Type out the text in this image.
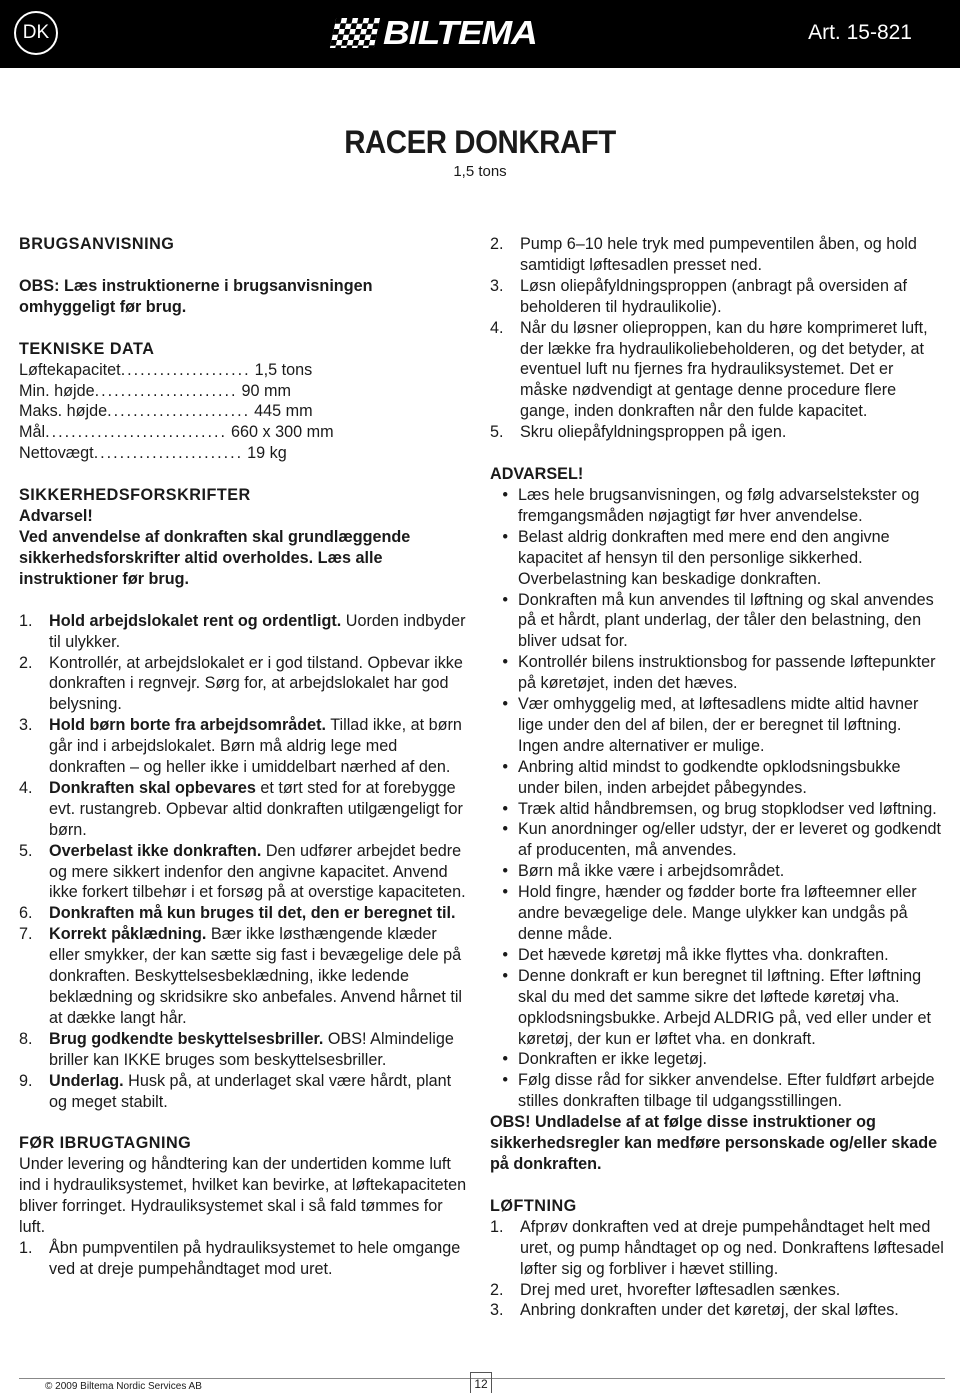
DK	BILTEMA	Art. 15-821
RACER DONKRAFT
1,5 tons

BRUGSANVISNING

OBS: Læs instruktionerne i brugsanvisningen omhyggeligt før brug.

TEKNISKE DATA

Løftekapacitet .................... 1,5 tons
Min. højde ...................... 90 mm
Maks. højde ...................... 445 mm
Mål ............................ 660 x 300 mm
Nettovægt ....................... 19 kg

SIKKERHEDSFORSKRIFTER

Advarsel!

Ved anvendelse af donkraften skal grundlæggende sikkerhedsforskrifter altid overholdes. Læs alle instruktioner før brug.

1.	Hold arbejdslokalet rent og ordentligt. Uorden indbyder til ulykker.
2.	Kontrollér, at arbejdslokalet er i god tilstand. Opbevar ikke donkraften i regnvejr. Sørg for, at arbejdslokalet har god belysning.
3.	Hold børn borte fra arbejdsområdet. Tillad ikke, at børn går ind i arbejdslokalet. Børn må aldrig lege med donkraften – og heller ikke i umiddelbart nærhed af den.
4.	Donkraften skal opbevares et tørt sted for at forebygge evt. rustangreb. Opbevar altid donkraften utilgængeligt for børn.
5.	Overbelast ikke donkraften. Den udfører arbejdet bedre og mere sikkert indenfor den angivne kapacitet. Anvend ikke forkert tilbehør i et forsøg på at overstige kapaciteten.
6.	Donkraften må kun bruges til det, den er beregnet til.
7.	Korrekt påklædning. Bær ikke løsthængende klæder eller smykker, der kan sætte sig fast i bevægelige dele på donkraften. Beskyttelsesbeklædning, ikke ledende beklædning og skridsikre sko anbefales. Anvend hårnet til at dække langt hår.
8.	Brug godkendte beskyttelsesbriller. OBS! Almindelige briller kan IKKE bruges som beskyttelsesbriller.
9.	Underlag. Husk på, at underlaget skal være hårdt, plant og meget stabilt.

FØR IBRUGTAGNING

Under levering og håndtering kan der undertiden komme luft ind i hydrauliksystemet, hvilket kan bevirke, at løftekapaciteten bliver forringet. Hydrauliksystemet skal i så fald tømmes for luft.

1.	Åbn pumpventilen på hydrauliksystemet to hele omgange ved at dreje pumpehåndtaget mod uret.
2.	Pump 6–10 hele tryk med pumpeventilen åben, og hold samtidigt løftesadlen presset ned.
3.	Løsn oliepåfyldningsproppen (anbragt på oversiden af beholderen til hydraulikolie).
4.	Når du løsner olieproppen, kan du høre komprimeret luft, der lække fra hydraulikoliebeholderen, og det betyder, at eventuel luft nu fjernes fra hydrauliksystemet. Det er måske nødvendigt at gentage denne procedure flere gange, inden donkraften når den fulde kapacitet.
5.	Skru oliepåfyldningsproppen på igen.

ADVARSEL!

• Læs hele brugsanvisningen, og følg advarselstekster og fremgangsmåden nøjagtigt før hver anvendelse.
• Belast aldrig donkraften med mere end den angivne kapacitet af hensyn til den personlige sikkerhed. Overbelastning kan beskadige donkraften.
• Donkraften må kun anvendes til løftning og skal anvendes på et hårdt, plant underlag, der tåler den belastning, den bliver udsat for.
• Kontrollér bilens instruktionsbog for passende løftepunkter på køretøjet, inden det hæves.
• Vær omhyggelig med, at løftesadlens midte altid havner lige under den del af bilen, der er beregnet til løftning. Ingen andre alternativer er mulige.
• Anbring altid mindst to godkendte opklodsningsbukke under bilen, inden arbejdet påbegyndes.
• Træk altid håndbremsen, og brug stopklodser ved løftning.
• Kun anordninger og/eller udstyr, der er leveret og godkendt af producenten, må anvendes.
• Børn må ikke være i arbejdsområdet.
• Hold fingre, hænder og fødder borte fra løfteemner eller andre bevægelige dele. Mange ulykker kan undgås på denne måde.
• Det hævede køretøj må ikke flyttes vha. donkraften.
• Denne donkraft er kun beregnet til løftning. Efter løftning skal du med det samme sikre det løftede køretøj vha. opklodsningsbukke. Arbejd ALDRIG på, ved eller under et køretøj, der kun er løftet vha. en donkraft.
• Donkraften er ikke legetøj.
• Følg disse råd for sikker anvendelse. Efter fuldført arbejde stilles donkraften tilbage til udgangsstillingen.

OBS! Undladelse af at følge disse instruktioner og sikkerhedsregler kan medføre personskade og/eller skade på donkraften.

LØFTNING

1.	Afprøv donkraften ved at dreje pumpehåndtaget helt med uret, og pump håndtaget op og ned. Donkraftens løftesadel løfter sig og forbliver i hævet stilling.
2.	Drej med uret, hvorefter løftesadlen sænkes.
3.	Anbring donkraften under det køretøj, der skal løftes.
© 2009 Biltema Nordic Services AB	12
